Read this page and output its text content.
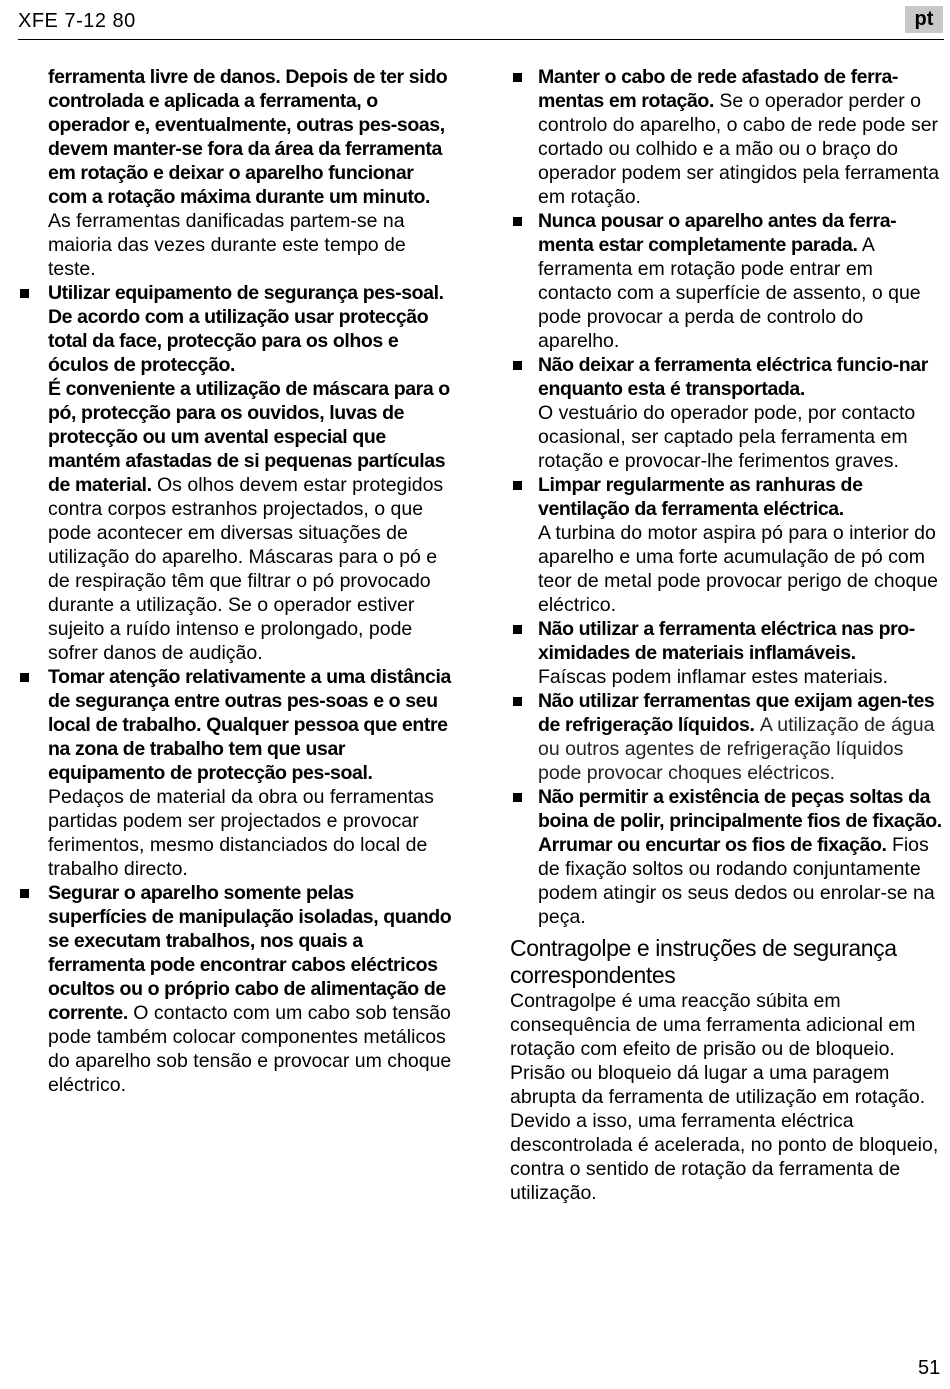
XFE 7-12 80	pt

ferramenta livre de danos. Depois de ter sido controlada e aplicada a ferramenta, o operador e, eventualmente, outras pes-soas, devem manter-se fora da área da ferramenta em rotação e deixar o aparelho funcionar com a rotação máxima durante um minuto.

As ferramentas danificadas partem-se na maioria das vezes durante este tempo de teste.

Utilizar equipamento de segurança pes-soal. De acordo com a utilização usar protecção total da face, protecção para os olhos e óculos de protecção.

É conveniente a utilização de máscara para o pó, protecção para os ouvidos, luvas de protecção ou um avental especial que mantém afastadas de si pequenas partículas de material. Os olhos devem estar protegidos contra corpos estranhos projectados, o que pode acontecer em diversas situações de utilização do aparelho. Máscaras para o pó e de respiração têm que filtrar o pó provocado durante a utilização. Se o operador estiver sujeito a ruído intenso e prolongado, pode sofrer danos de audição.

Tomar atenção relativamente a uma distância de segurança entre outras pes-soas e o seu local de trabalho. Qualquer pessoa que entre na zona de trabalho tem que usar equipamento de protecção pes-soal. Pedaços de material da obra ou ferramentas partidas podem ser projectados e provocar ferimentos, mesmo distanciados do local de trabalho directo.

Segurar o aparelho somente pelas superfícies de manipulação isoladas, quando se executam trabalhos, nos quais a ferramenta pode encontrar cabos eléctricos ocultos ou o próprio cabo de alimentação de corrente. O contacto com um cabo sob tensão pode também colocar componentes metálicos do aparelho sob tensão e provocar um choque eléctrico.

Manter o cabo de rede afastado de ferra-mentas em rotação. Se o operador perder o controlo do aparelho, o cabo de rede pode ser cortado ou colhido e a mão ou o braço do operador podem ser atingidos pela ferramenta em rotação.

Nunca pousar o aparelho antes da ferra-menta estar completamente parada. A ferramenta em rotação pode entrar em contacto com a superfície de assento, o que pode provocar a perda de controlo do aparelho.

Não deixar a ferramenta eléctrica funcio-nar enquanto esta é transportada.

O vestuário do operador pode, por contacto ocasional, ser captado pela ferramenta em rotação e provocar-lhe ferimentos graves.

Limpar regularmente as ranhuras de ventilação da ferramenta eléctrica.

A turbina do motor aspira pó para o interior do aparelho e uma forte acumulação de pó com teor de metal pode provocar perigo de choque eléctrico.

Não utilizar a ferramenta eléctrica nas pro-ximidades de materiais inflamáveis.

Faíscas podem inflamar estes materiais.

Não utilizar ferramentas que exijam agen-tes de refrigeração líquidos. A utilização de água ou outros agentes de refrigeração líquidos pode provocar choques eléctricos.

Não permitir a existência de peças soltas da boina de polir, principalmente fios de fixação. Arrumar ou encurtar os fios de fixação. Fios de fixação soltos ou rodando conjuntamente podem atingir os seus dedos ou enrolar-se na peça.

Contragolpe e instruções de segurança correspondentes

Contragolpe é uma reacção súbita em consequência de uma ferramenta adicional em rotação com efeito de prisão ou de bloqueio. Prisão ou bloqueio dá lugar a uma paragem abrupta da ferramenta de utilização em rotação. Devido a isso, uma ferramenta eléctrica descontrolada é acelerada, no ponto de bloqueio, contra o sentido de rotação da ferramenta de utilização.

51
